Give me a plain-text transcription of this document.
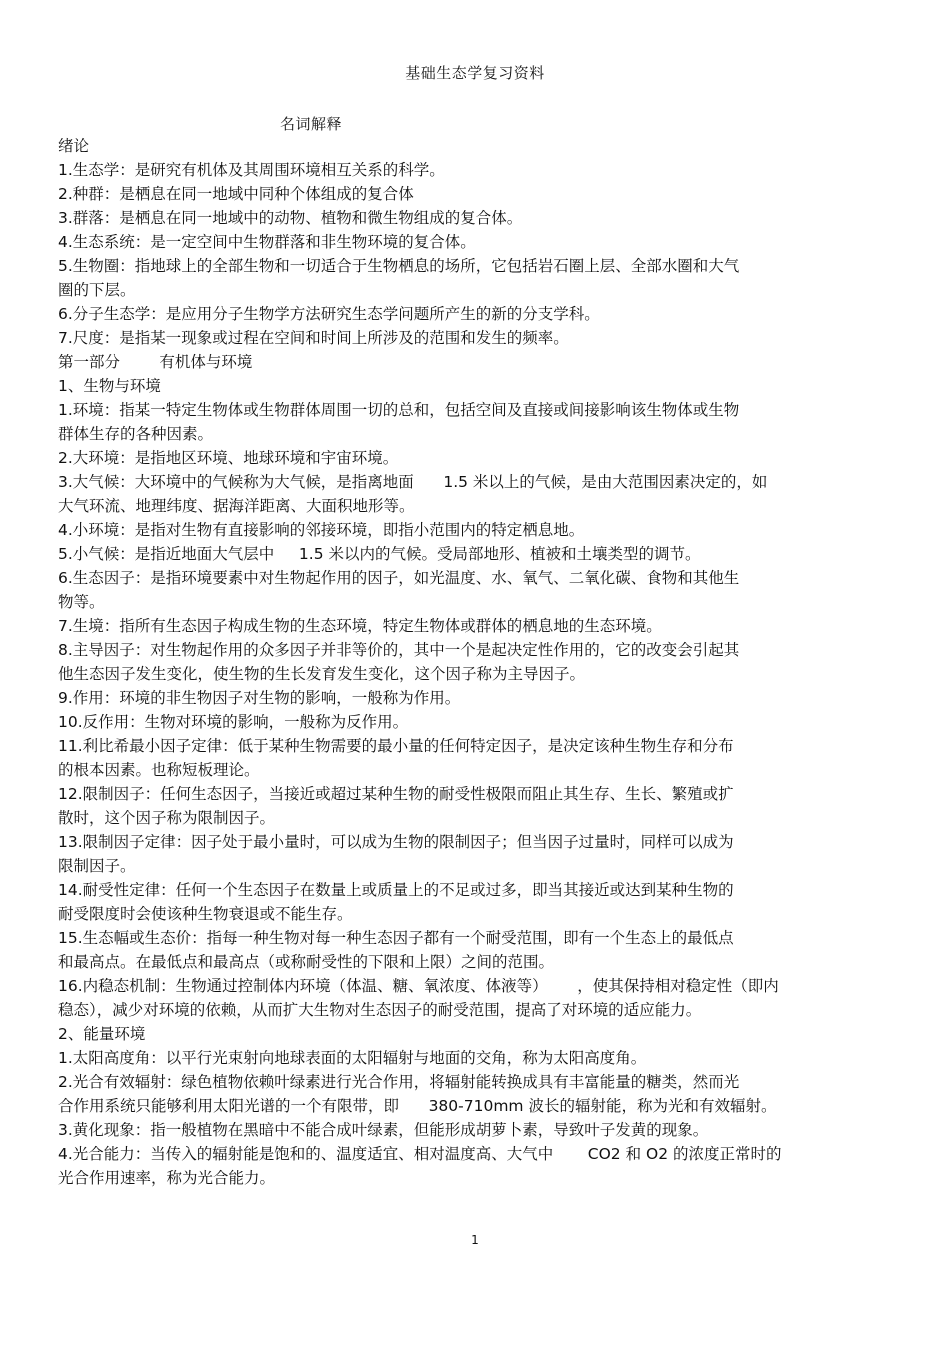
基础生态学复习资料
名词解释
绪论
1.生态学：是研究有机体及其周围环境相互关系的科学。
2.种群：是栖息在同一地域中同种个体组成的复合体
3.群落：是栖息在同一地域中的动物、植物和微生物组成的复合体。
4.生态系统：是一定空间中生物群落和非生物环境的复合体。
5.生物圈：指地球上的全部生物和一切适合于生物栖息的场所，它包括岩石圈上层、全部水圈和大气
圈的下层。
6.分子生态学：是应用分子生物学方法研究生态学问题所产生的新的分支学科。
7.尺度：是指某一现象或过程在空间和时间上所涉及的范围和发生的频率。
第一部分        有机体与环境
1、生物与环境
1.环境：指某一特定生物体或生物群体周围一切的总和，包括空间及直接或间接影响该生物体或生物
群体生存的各种因素。
2.大环境：是指地区环境、地球环境和宇宙环境。
3.大气候：大环境中的气候称为大气候，是指离地面      1.5 米以上的气候，是由大范围因素决定的，如
大气环流、地理纬度、据海洋距离、大面积地形等。
4.小环境：是指对生物有直接影响的邻接环境，即指小范围内的特定栖息地。
5.小气候：是指近地面大气层中     1.5 米以内的气候。受局部地形、植被和土壤类型的调节。
6.生态因子：是指环境要素中对生物起作用的因子，如光温度、水、氧气、二氧化碳、食物和其他生
物等。
7.生境：指所有生态因子构成生物的生态环境，特定生物体或群体的栖息地的生态环境。
8.主导因子：对生物起作用的众多因子并非等价的，其中一个是起决定性作用的，它的改变会引起其
他生态因子发生变化，使生物的生长发育发生变化，这个因子称为主导因子。
9.作用：环境的非生物因子对生物的影响，一般称为作用。
10.反作用：生物对环境的影响，一般称为反作用。
11.利比希最小因子定律：低于某种生物需要的最小量的任何特定因子，是决定该种生物生存和分布
的根本因素。也称短板理论。
12.限制因子：任何生态因子，当接近或超过某种生物的耐受性极限而阻止其生存、生长、繁殖或扩
散时，这个因子称为限制因子。
13.限制因子定律：因子处于最小量时，可以成为生物的限制因子；但当因子过量时，同样可以成为
限制因子。
14.耐受性定律：任何一个生态因子在数量上或质量上的不足或过多，即当其接近或达到某种生物的
耐受限度时会使该种生物衰退或不能生存。
15.生态幅或生态价：指每一种生物对每一种生态因子都有一个耐受范围，即有一个生态上的最低点
和最高点。在最低点和最高点（或称耐受性的下限和上限）之间的范围。
16.内稳态机制：生物通过控制体内环境（体温、糖、氧浓度、体液等）      ，使其保持相对稳定性（即内
稳态），减少对环境的依赖，从而扩大生物对生态因子的耐受范围，提高了对环境的适应能力。
2、能量环境
1.太阳高度角：以平行光束射向地球表面的太阳辐射与地面的交角，称为太阳高度角。
2.光合有效辐射：绿色植物依赖叶绿素进行光合作用，将辐射能转换成具有丰富能量的糖类，然而光
合作用系统只能够利用太阳光谱的一个有限带，即      380-710mm 波长的辐射能，称为光和有效辐射。
3.黄化现象：指一般植物在黑暗中不能合成叶绿素，但能形成胡萝卜素，导致叶子发黄的现象。
4.光合能力：当传入的辐射能是饱和的、温度适宜、相对温度高、大气中       CO2 和 O2 的浓度正常时的
光合作用速率，称为光合能力。
1
